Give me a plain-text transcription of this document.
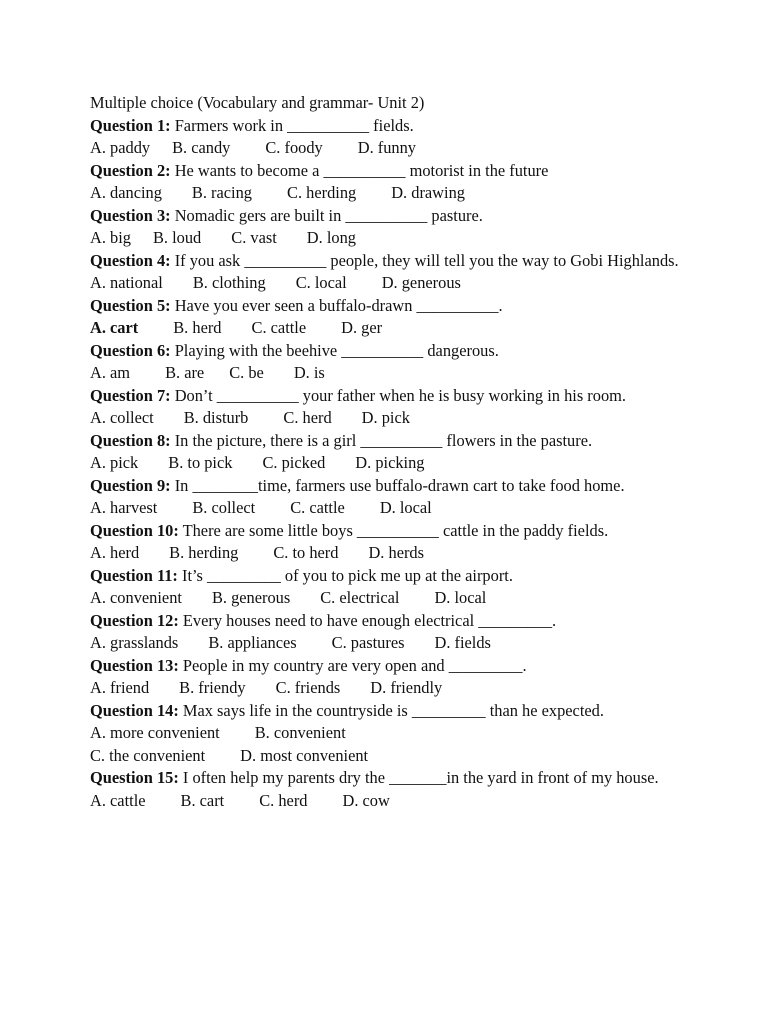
Multiple choice (Vocabulary and grammar- Unit 2)
Question 1: Farmers work in __________ fields.
A. paddy B. candy C. foody D. funny
Question 2: He wants to become a __________ motorist in the future
A. dancing B. racing C. herding D. drawing
Question 3: Nomadic gers are built in __________ pasture.
A. big B. loud C. vast D. long
Question 4: If you ask __________ people, they will tell you the way to Gobi Highlands.
A. national B. clothing C. local D. generous
Question 5: Have you ever seen a buffalo-drawn __________.
A. cart B. herd C. cattle D. ger
Question 6: Playing with the beehive __________ dangerous.
A. am B. are C. be D. is
Question 7: Don’t __________ your father when he is busy working in his room.
A. collect B. disturb C. herd D. pick
Question 8: In the picture, there is a girl __________ flowers in the pasture.
A. pick B. to pick C. picked D. picking
Question 9: In ________time, farmers use buffalo-drawn cart to take food home.
A. harvest B. collect C. cattle D. local
Question 10: There are some little boys __________ cattle in the paddy fields.
A. herd B. herding C. to herd D. herds
Question 11: It’s _________ of you to pick me up at the airport.
A. convenient B. generous C. electrical D. local
Question 12: Every houses need to have enough electrical _________.
A. grasslands B. appliances C. pastures D. fields
Question 13: People in my country are very open and _________.
A. friend B. friendy C. friends D. friendly
Question 14: Max says life in the countryside is _________ than he expected.
A. more convenient B. convenient
C. the convenient D. most convenient
Question 15: I often help my parents dry the _______in the yard in front of my house.
A. cattle B. cart C. herd D. cow
